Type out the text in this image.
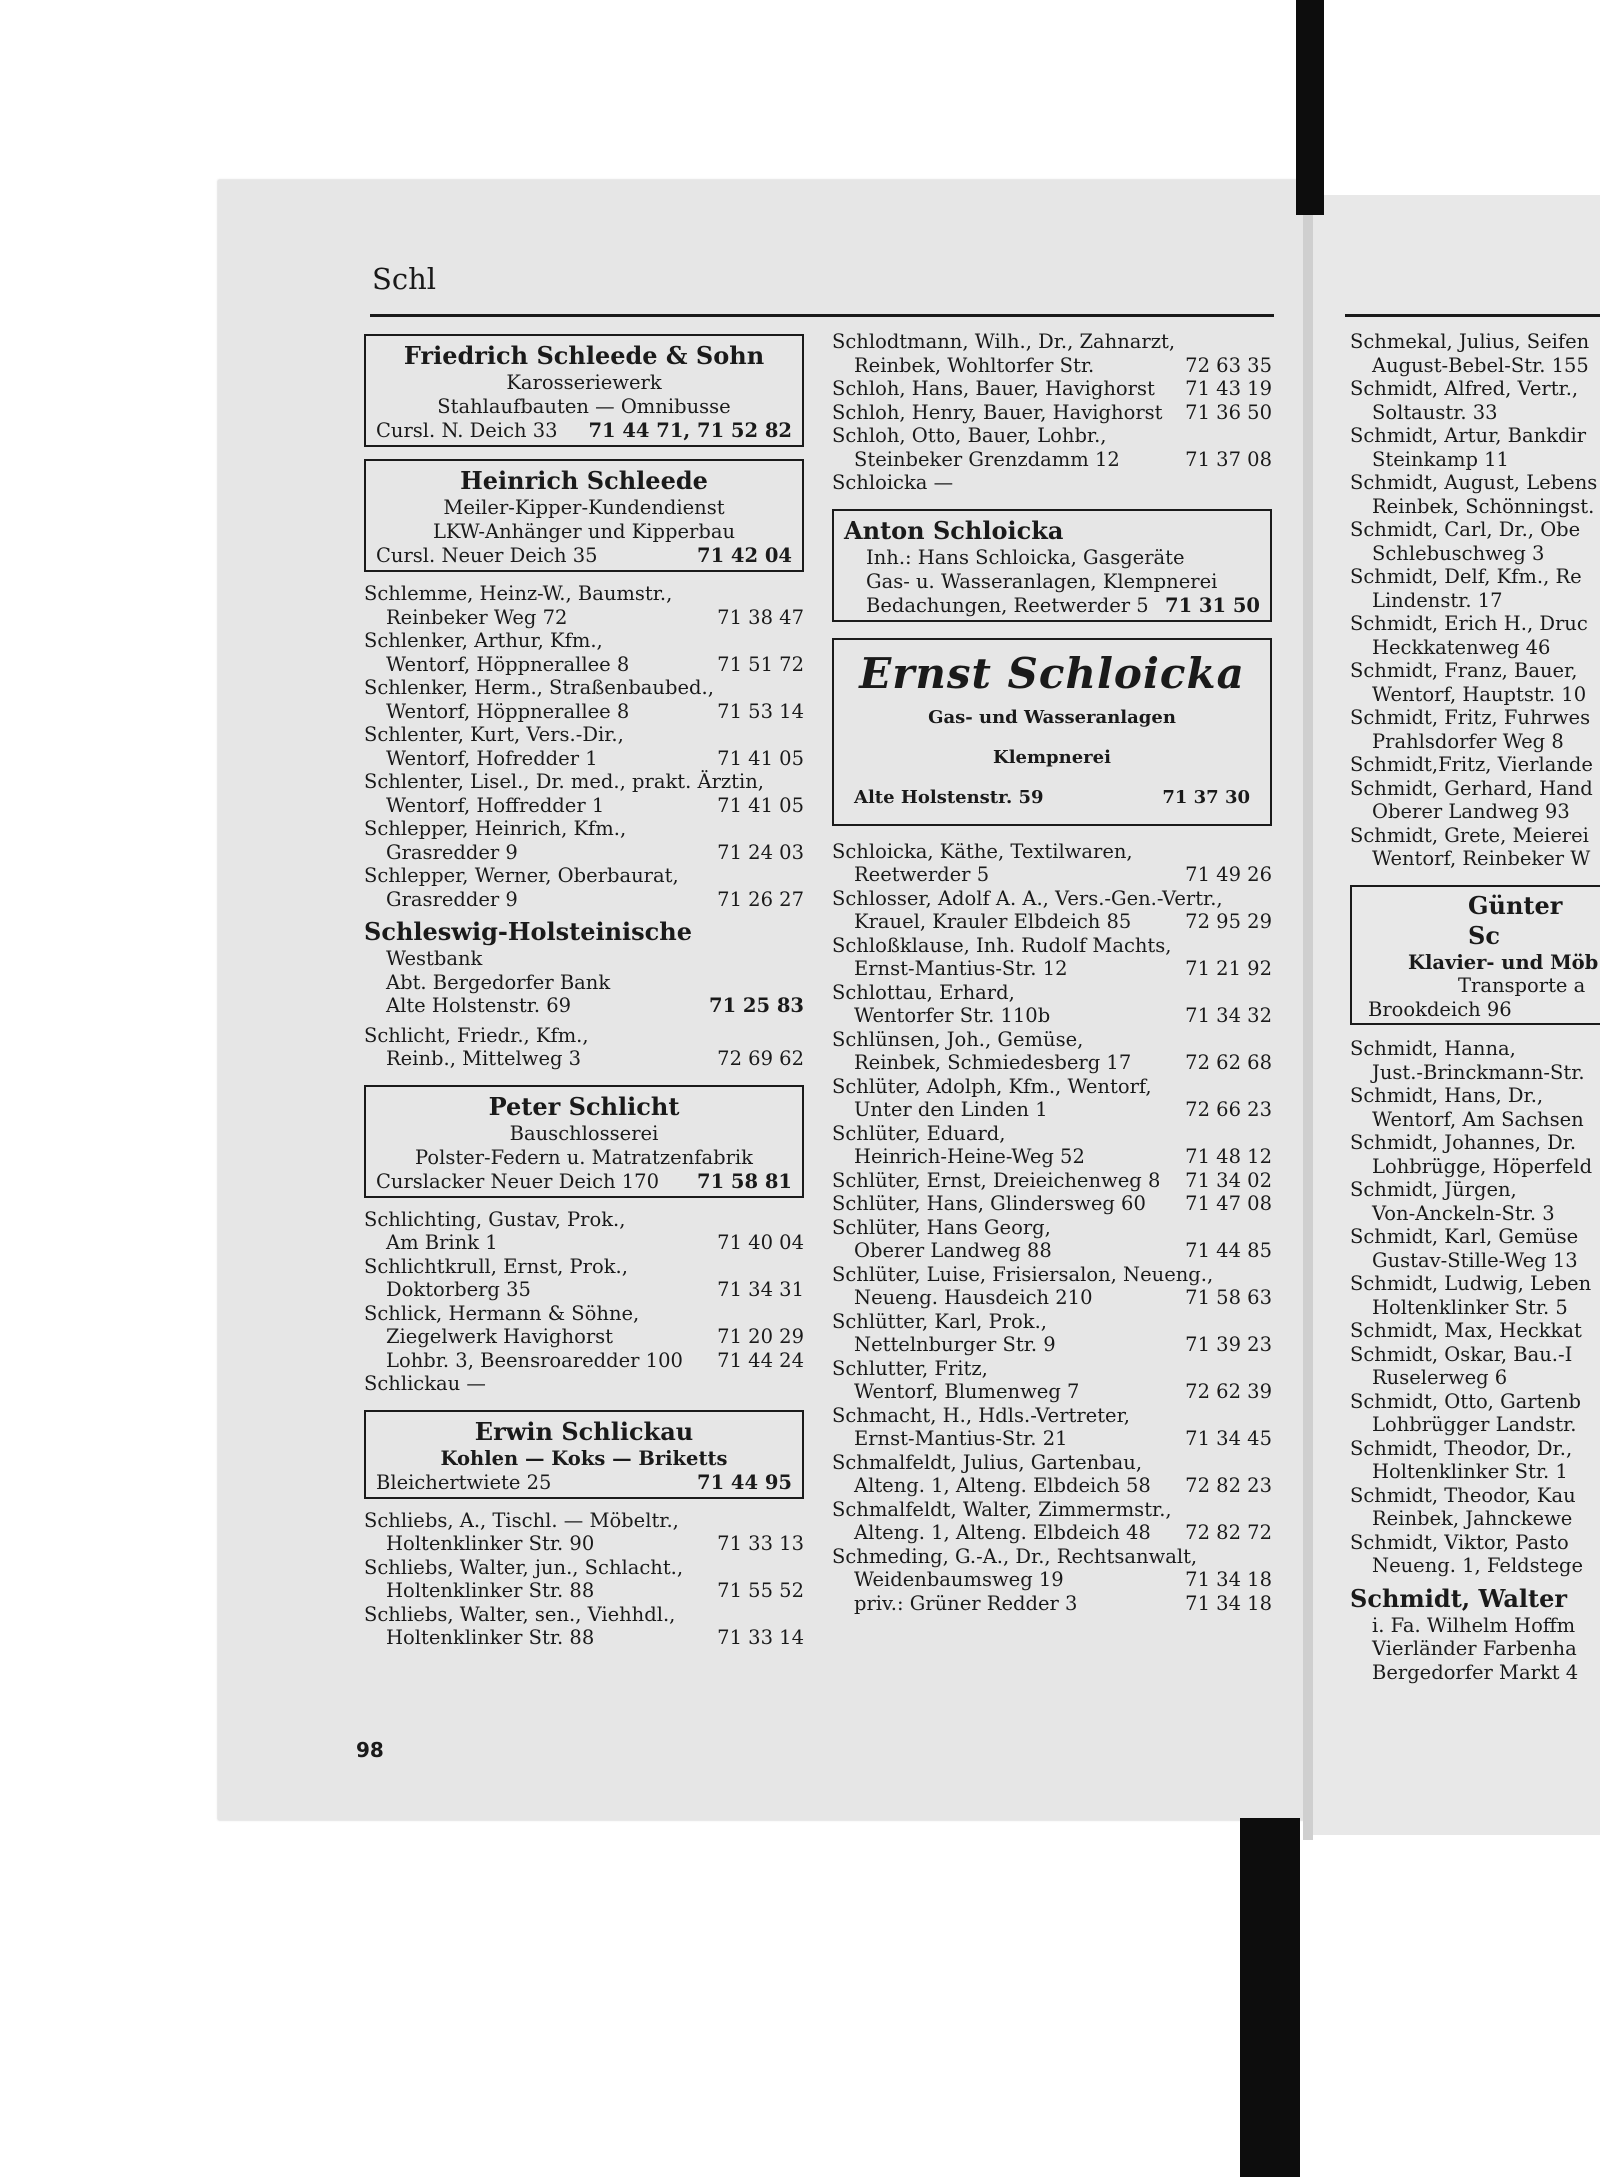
Schl
Friedrich Schleede & Sohn
Karosseriewerk
Stahlaufbauten — Omnibusse
Cursl. N. Deich 33 71 44 71, 71 52 82
Heinrich Schleede
Meiler-Kipper-Kundendienst
LKW-Anhänger und Kipperbau
Cursl. Neuer Deich 35	71 42 04
Schlemme, Heinz-W., Baumstr.,
Reinbeker Weg 72	71 38 47
Schlenker, Arthur, Kfm.,
Wentorf, Höppnerallee 8	71 51 72
Schlenker, Herm., Straßenbaubed.,
Wentorf, Höppnerallee 8	71 53 14
Schlenter, Kurt, Vers.-Dir.,
Wentorf, Hofredder 1	71 41 05
Schlenter, Lisel., Dr. med., prakt. Ärztin,
Wentorf, Hoffredder 1	71 41 05
Schlepper, Heinrich, Kfm.,
Grasredder 9	71 24 03
Schlepper, Werner, Oberbaurat,
Grasredder 9	71 26 27
Schleswig-Holsteinische
Westbank
Abt. Bergedorfer Bank
Alte Holstenstr. 69	71 25 83
Schlicht, Friedr., Kfm.,
Reinb., Mittelweg 3	72 69 62
Peter Schlicht
Bauschlosserei
Polster-Federn u. Matratzenfabrik
Curslacker Neuer Deich 170 71 58 81
Schlichting, Gustav, Prok.,
Am Brink 1	71 40 04
Schlichtkrull, Ernst, Prok.,
Doktorberg 35	71 34 31
Schlick, Hermann & Söhne,
Ziegelwerk Havighorst	71 20 29
Lohbr. 3, Beensroaredder 100	71 44 24
Schlickau —
Erwin Schlickau
Kohlen — Koks — Briketts
Bleichertwiete 25	71 44 95
Schliebs, A., Tischl. — Möbeltr.,
Holtenklinker Str. 90	71 33 13
Schliebs, Walter, jun., Schlacht.,
Holtenklinker Str. 88	71 55 52
Schliebs, Walter, sen., Viehhdl.,
Holtenklinker Str. 88	71 33 14
Schlodtmann, Wilh., Dr., Zahnarzt,
Reinbek, Wohltorfer Str.	72 63 35
Schloh, Hans, Bauer, Havighorst	71 43 19
Schloh, Henry, Bauer, Havighorst	71 36 50
Schloh, Otto, Bauer, Lohbr.,
Steinbeker Grenzdamm 12	71 37 08
Schloicka —
Anton Schloicka
Inh.: Hans Schloicka, Gasgeräte
Gas- u. Wasseranlagen, Klempnerei
Bedachungen, Reetwerder 5 71 31 50
Ernst Schloicka
Gas- und Wasseranlagen
Klempnerei
Alte Holstenstr. 59	71 37 30
Schloicka, Käthe, Textilwaren,
Reetwerder 5	71 49 26
Schlosser, Adolf A. A., Vers.-Gen.-Vertr.,
Krauel, Krauler Elbdeich 85	72 95 29
Schloßklause, Inh. Rudolf Machts,
Ernst-Mantius-Str. 12	71 21 92
Schlottau, Erhard,
Wentorfer Str. 110b	71 34 32
Schlünsen, Joh., Gemüse,
Reinbek, Schmiedesberg 17	72 62 68
Schlüter, Adolph, Kfm., Wentorf,
Unter den Linden 1	72 66 23
Schlüter, Eduard,
Heinrich-Heine-Weg 52	71 48 12
Schlüter, Ernst, Dreieichenweg 8	71 34 02
Schlüter, Hans, Glindersweg 60	71 47 08
Schlüter, Hans Georg,
Oberer Landweg 88	71 44 85
Schlüter, Luise, Frisiersalon, Neueng.,
Neueng. Hausdeich 210	71 58 63
Schlütter, Karl, Prok.,
Nettelnburger Str. 9	71 39 23
Schlutter, Fritz,
Wentorf, Blumenweg 7	72 62 39
Schmacht, H., Hdls.-Vertreter,
Ernst-Mantius-Str. 21	71 34 45
Schmalfeldt, Julius, Gartenbau,
Alteng. 1, Alteng. Elbdeich 58	72 82 23
Schmalfeldt, Walter, Zimmermstr.,
Alteng. 1, Alteng. Elbdeich 48	72 82 72
Schmeding, G.-A., Dr., Rechtsanwalt,
Weidenbaumsweg 19	71 34 18
priv.: Grüner Redder 3	71 34 18
Schmekal, Julius, Seifen
August-Bebel-Str. 155
Schmidt, Alfred, Vertr.,
Soltaustr. 33
Schmidt, Artur, Bankdir
Steinkamp 11
Schmidt, August, Lebens
Reinbek, Schönningst.
Schmidt, Carl, Dr., Obe
Schlebuschweg 3
Schmidt, Delf, Kfm., Re
Lindenstr. 17
Schmidt, Erich H., Druc
Heckkatenweg 46
Schmidt, Franz, Bauer,
Wentorf, Hauptstr. 10
Schmidt, Fritz, Fuhrwes
Prahlsdorfer Weg 8
Schmidt,Fritz, Vierlande
Schmidt, Gerhard, Hand
Oberer Landweg 93
Schmidt, Grete, Meierei
Wentorf, Reinbeker W
Günter Sc
Klavier- und Möb
Transporte a
Brookdeich 96
Schmidt, Hanna,
Just.-Brinckmann-Str.
Schmidt, Hans, Dr.,
Wentorf, Am Sachsen
Schmidt, Johannes, Dr.
Lohbrügge, Höperfeld
Schmidt, Jürgen,
Von-Anckeln-Str. 3
Schmidt, Karl, Gemüse
Gustav-Stille-Weg 13
Schmidt, Ludwig, Leben
Holtenklinker Str. 5
Schmidt, Max, Heckkat
Schmidt, Oskar, Bau.-I
Ruselerweg 6
Schmidt, Otto, Gartenb
Lohbrügger Landstr.
Schmidt, Theodor, Dr.,
Holtenklinker Str. 1
Schmidt, Theodor, Kau
Reinbek, Jahnckewe
Schmidt, Viktor, Pasto
Neueng. 1, Feldstege
Schmidt, Walter
i. Fa. Wilhelm Hoffm
Vierländer Farbenha
Bergedorfer Markt 4
98
